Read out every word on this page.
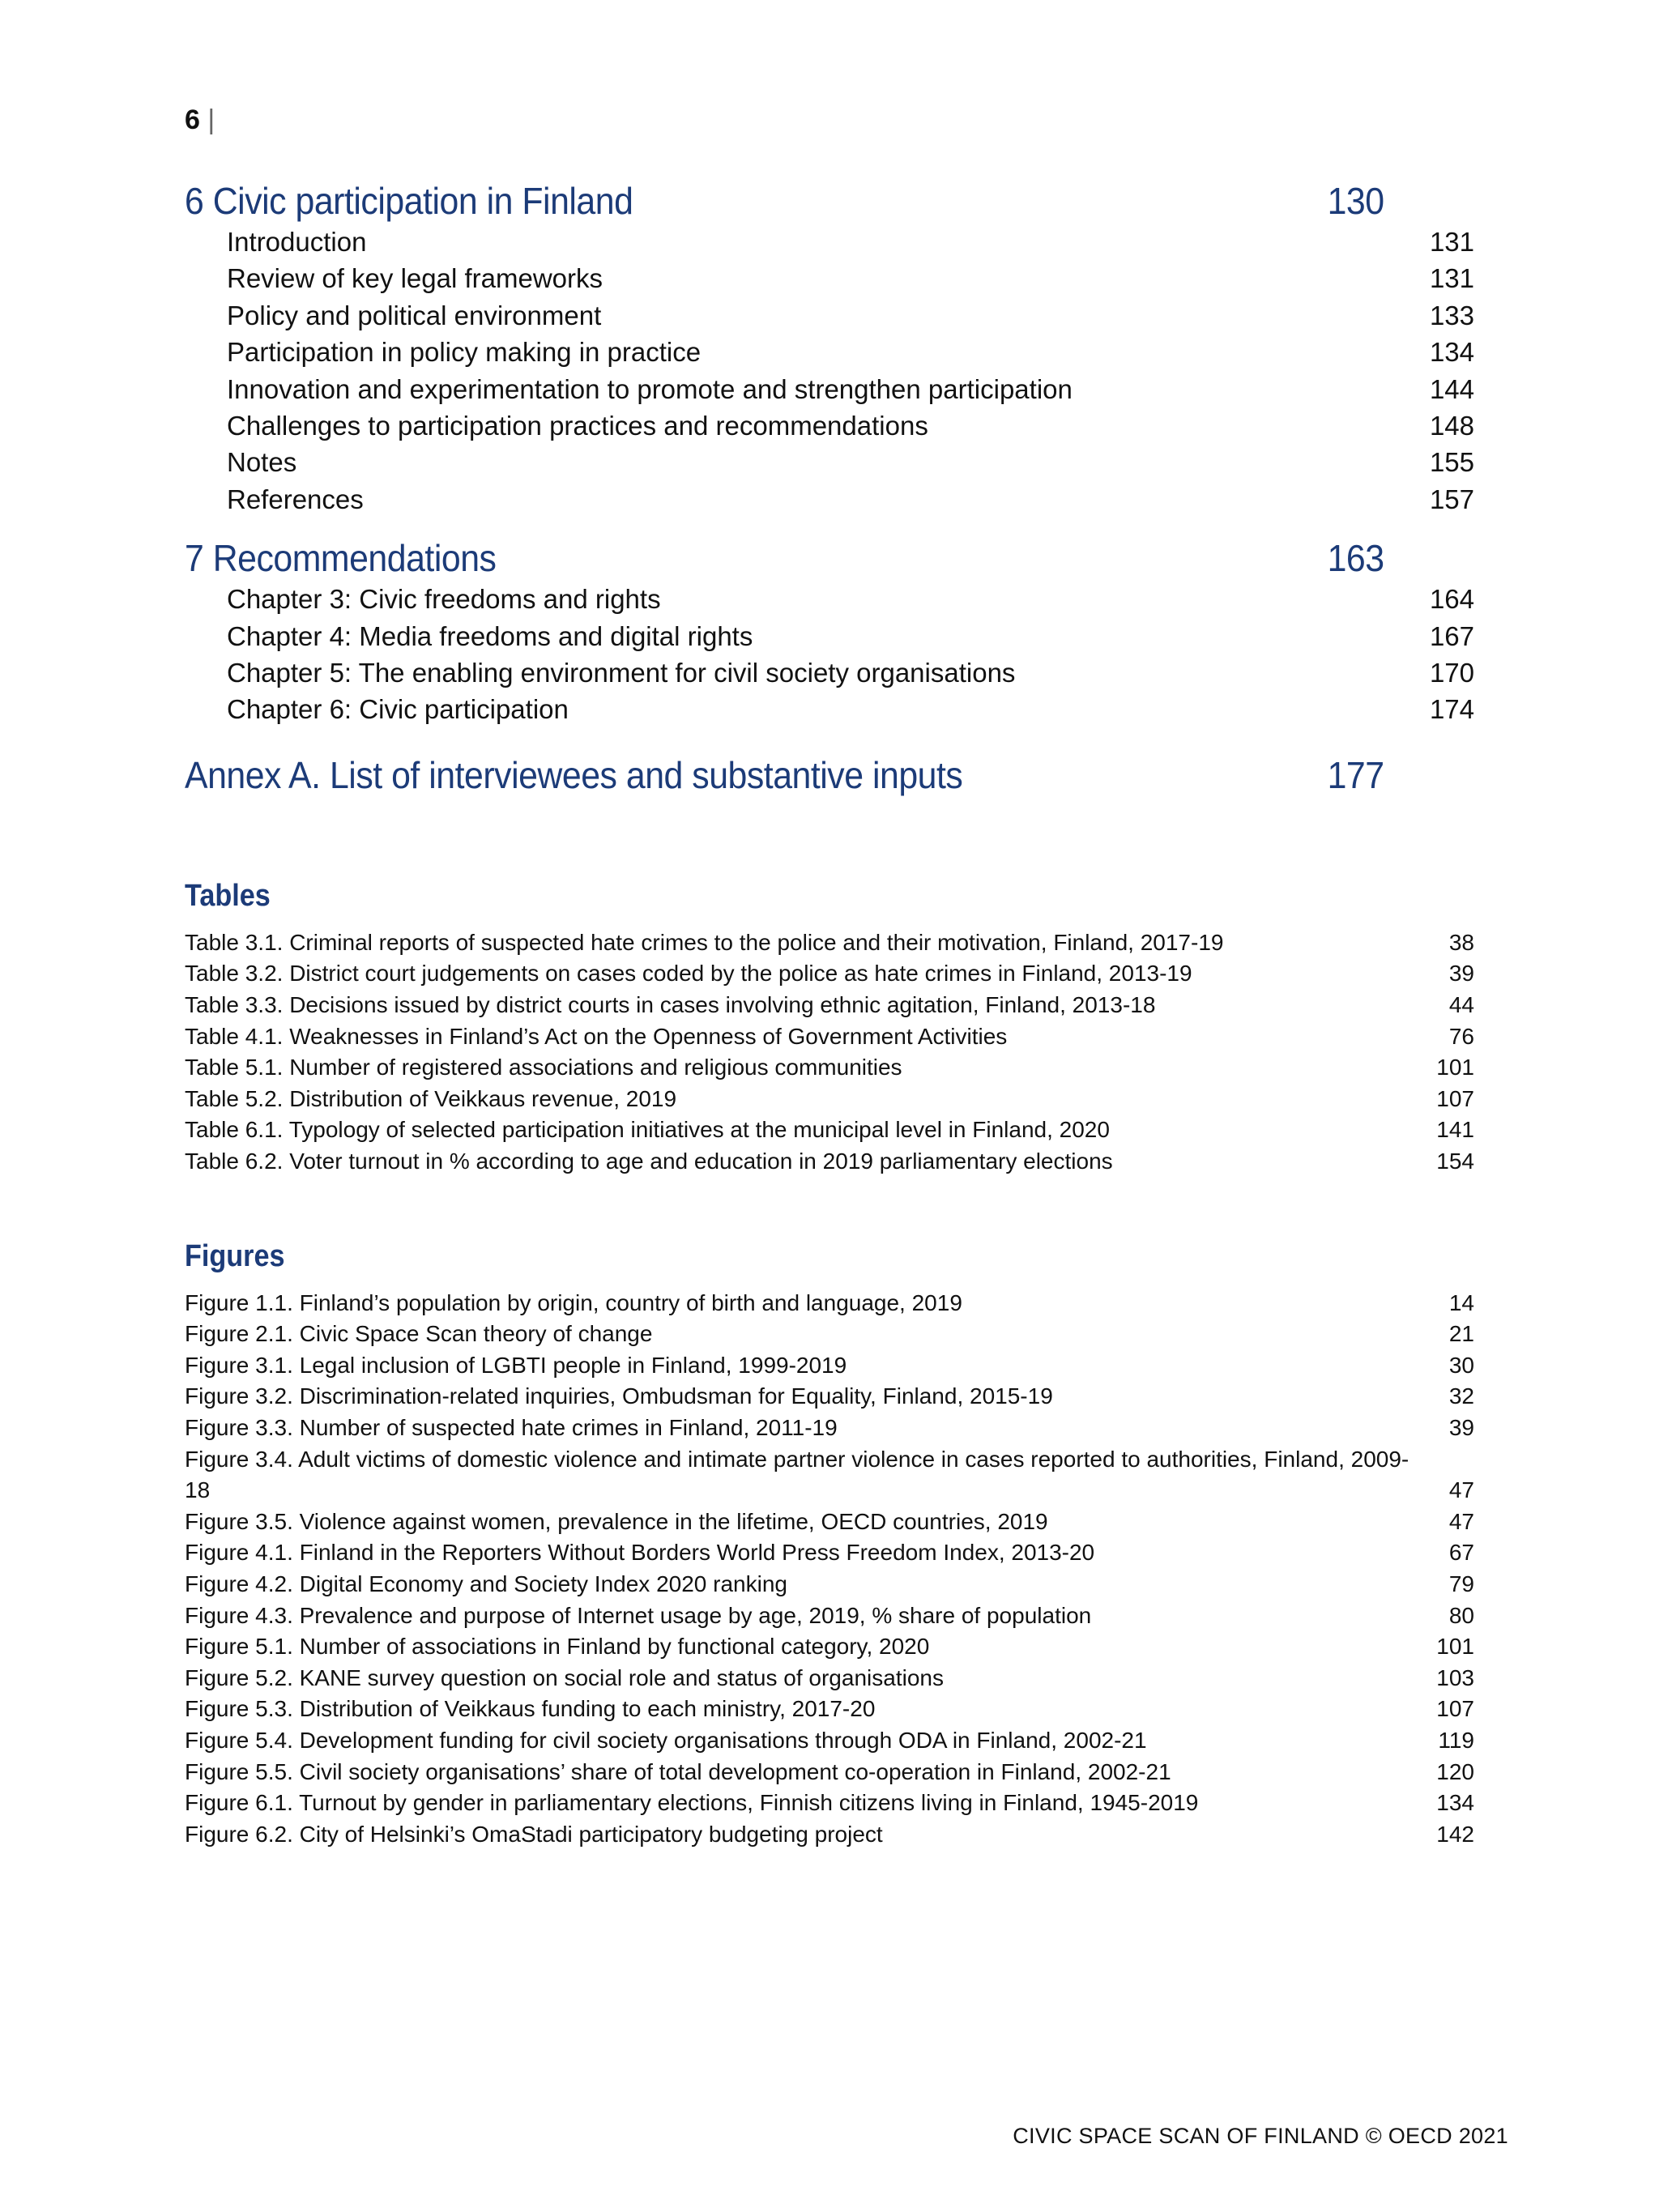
6 |
6 Civic participation in Finland	130
Introduction	131
Review of key legal frameworks	131
Policy and political environment	133
Participation in policy making in practice	134
Innovation and experimentation to promote and strengthen participation	144
Challenges to participation practices and recommendations	148
Notes	155
References	157
7 Recommendations	163
Chapter 3: Civic freedoms and rights	164
Chapter 4: Media freedoms and digital rights	167
Chapter 5: The enabling environment for civil society organisations	170
Chapter 6: Civic participation	174
Annex A. List of interviewees and substantive inputs	177
Tables
Table 3.1. Criminal reports of suspected hate crimes to the police and their motivation, Finland, 2017-19	38
Table 3.2. District court judgements on cases coded by the police as hate crimes in Finland, 2013-19	39
Table 3.3. Decisions issued by district courts in cases involving ethnic agitation, Finland, 2013-18	44
Table 4.1. Weaknesses in Finland’s Act on the Openness of Government Activities	76
Table 5.1. Number of registered associations and religious communities	101
Table 5.2. Distribution of Veikkaus revenue, 2019	107
Table 6.1. Typology of selected participation initiatives at the municipal level in Finland, 2020	141
Table 6.2. Voter turnout in % according to age and education in 2019 parliamentary elections	154
Figures
Figure 1.1. Finland’s population by origin, country of birth and language, 2019	14
Figure 2.1. Civic Space Scan theory of change	21
Figure 3.1. Legal inclusion of LGBTI people in Finland, 1999-2019	30
Figure 3.2. Discrimination-related inquiries, Ombudsman for Equality, Finland, 2015-19	32
Figure 3.3. Number of suspected hate crimes in Finland, 2011-19	39
Figure 3.4. Adult victims of domestic violence and intimate partner violence in cases reported to authorities, Finland, 2009-18	47
Figure 3.5. Violence against women, prevalence in the lifetime, OECD countries, 2019	47
Figure 4.1. Finland in the Reporters Without Borders World Press Freedom Index, 2013-20	67
Figure 4.2. Digital Economy and Society Index 2020 ranking	79
Figure 4.3. Prevalence and purpose of Internet usage by age, 2019, % share of population	80
Figure 5.1. Number of associations in Finland by functional category, 2020	101
Figure 5.2. KANE survey question on social role and status of organisations	103
Figure 5.3. Distribution of Veikkaus funding to each ministry, 2017-20	107
Figure 5.4. Development funding for civil society organisations through ODA in Finland, 2002-21	119
Figure 5.5. Civil society organisations’ share of total development co-operation in Finland, 2002-21	120
Figure 6.1. Turnout by gender in parliamentary elections, Finnish citizens living in Finland, 1945-2019	134
Figure 6.2. City of Helsinki’s OmaStadi participatory budgeting project	142
CIVIC SPACE SCAN OF FINLAND © OECD 2021
